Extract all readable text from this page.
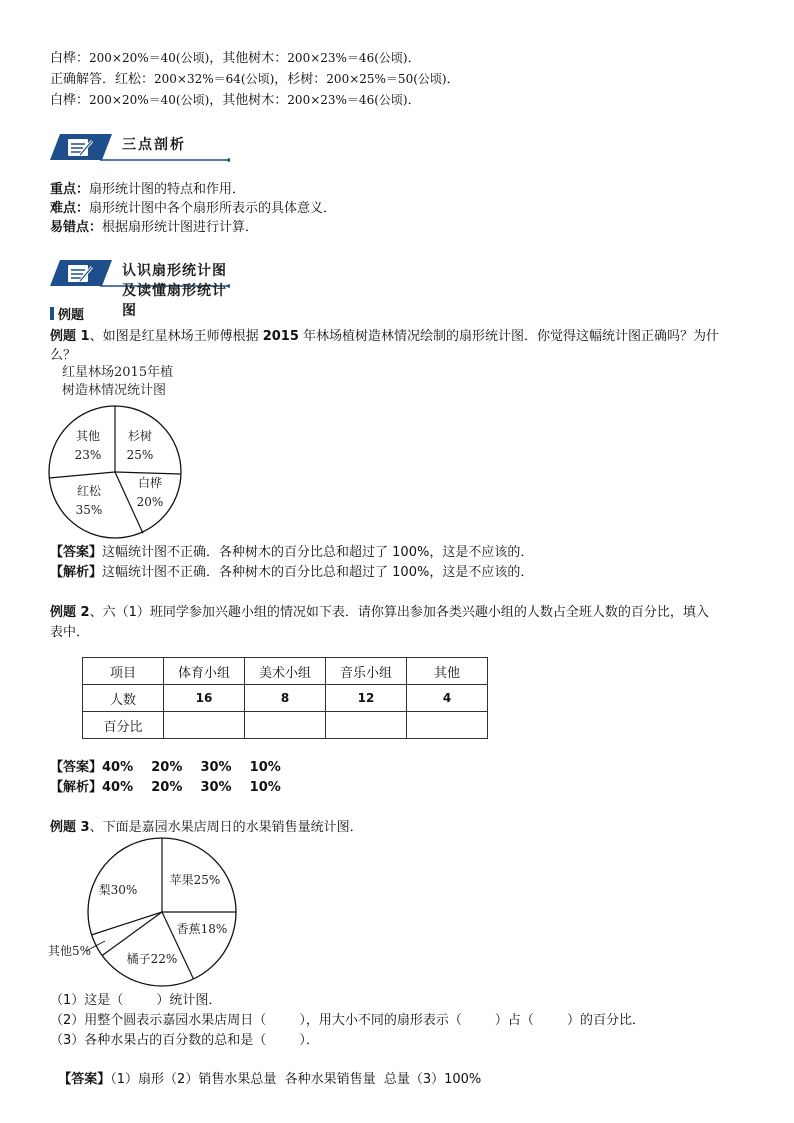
白桦：200×20%＝40(公顷)，其他树木：200×23%＝46(公顷)．
正确解答．红松：200×32%＝64(公顷)，杉树：200×25%＝50(公顷)．
白桦：200×20%＝40(公顷)，其他树木：200×23%＝46(公顷)．
三点剖析
重点：扇形统计图的特点和作用．
难点：扇形统计图中各个扇形所表示的具体意义．
易错点：根据扇形统计图进行计算．
认识扇形统计图及读懂扇形统计图
例题
例题 1、如图是红星林场王师傅根据 2015 年林场植树造林情况绘制的扇形统计图．你觉得这幅统计图正确吗？为什
么？
红星林场2015年植
树造林情况统计图
杉树
25%
白桦
20%
红松
35%
其他
23%
【答案】这幅统计图不正确．各种树木的百分比总和超过了 100%，这是不应该的．
【解析】这幅统计图不正确．各种树木的百分比总和超过了 100%，这是不应该的．
例题 2、六（1）班同学参加兴趣小组的情况如下表．请你算出参加各类兴趣小组的人数占全班人数的百分比，填入
表中．
项目	体育小组	美术小组	音乐小组	其他
人数	16	8	12	4
百分比				
【答案】40%    20%    30%    10%
【解析】40%    20%    30%    10%
例题 3、下面是嘉园水果店周日的水果销售量统计图．
苹果25%
香蕉18%
橘子22%
其他5%
梨30%
（1）这是（        ）统计图．
（2）用整个圆表示嘉园水果店周日（        ），用大小不同的扇形表示（        ）占（        ）的百分比．
（3）各种水果占的百分数的总和是（        ）．

【答案】（1）扇形（2）销售水果总量  各种水果销售量  总量（3）100%
